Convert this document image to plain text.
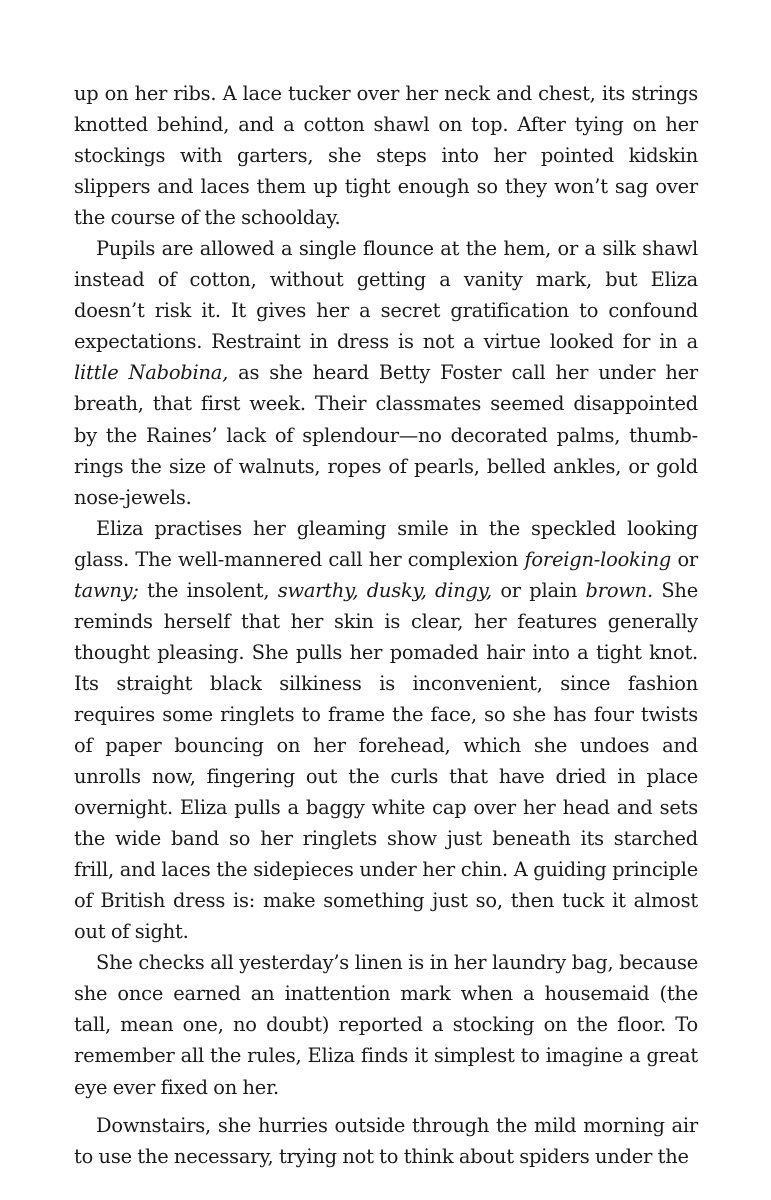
up on her ribs. A lace tucker over her neck and chest, its strings knotted behind, and a cotton shawl on top. After tying on her stockings with garters, she steps into her pointed kidskin slippers and laces them up tight enough so they won’t sag over the course of the schoolday.

Pupils are allowed a single flounce at the hem, or a silk shawl instead of cotton, without getting a vanity mark, but Eliza doesn’t risk it. It gives her a secret gratification to confound expectations. Restraint in dress is not a virtue looked for in a little Nabobina, as she heard Betty Foster call her under her breath, that first week. Their classmates seemed disappointed by the Raines’ lack of splendour—no decorated palms, thumb-rings the size of walnuts, ropes of pearls, belled ankles, or gold nose-jewels.

Eliza practises her gleaming smile in the speckled looking glass. The well-mannered call her complexion foreign-looking or tawny; the insolent, swarthy, dusky, dingy, or plain brown. She reminds herself that her skin is clear, her features generally thought pleasing. She pulls her pomaded hair into a tight knot. Its straight black silkiness is inconvenient, since fashion requires some ringlets to frame the face, so she has four twists of paper bouncing on her forehead, which she undoes and unrolls now, fingering out the curls that have dried in place overnight. Eliza pulls a baggy white cap over her head and sets the wide band so her ringlets show just beneath its starched frill, and laces the sidepieces under her chin. A guiding principle of British dress is: make something just so, then tuck it almost out of sight.

She checks all yesterday’s linen is in her laundry bag, because she once earned an inattention mark when a housemaid (the tall, mean one, no doubt) reported a stocking on the floor. To remember all the rules, Eliza finds it simplest to imagine a great eye ever fixed on her.

Downstairs, she hurries outside through the mild morning air to use the necessary, trying not to think about spiders under the
